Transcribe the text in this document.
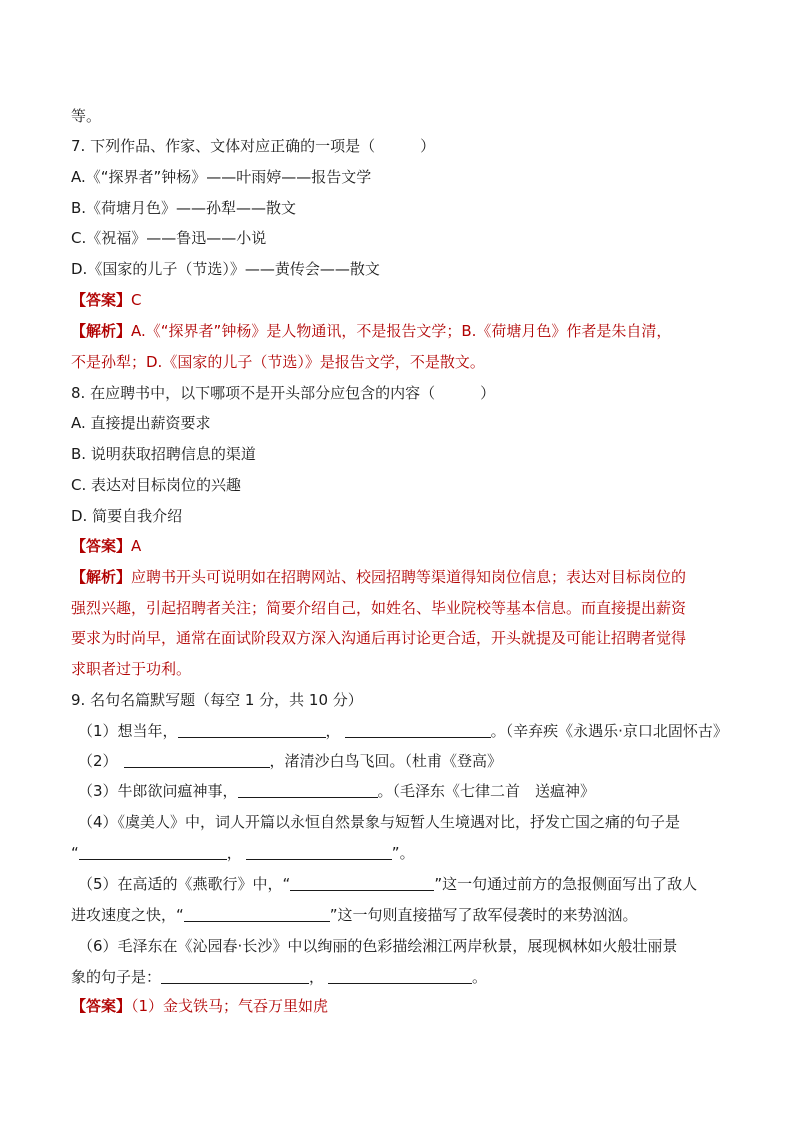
等。
7. 下列作品、作家、文体对应正确的一项是（　　　）
A.《“探界者”钟杨》——叶雨婷——报告文学
B.《荷塘月色》——孙犁——散文
C.《祝福》——鲁迅——小说
D.《国家的儿子（节选）》——黄传会——散文
【答案】C
【解析】A.《“探界者”钟杨》是人物通讯，不是报告文学；B.《荷塘月色》作者是朱自清，
不是孙犁；D.《国家的儿子（节选）》是报告文学，不是散文。
8. 在应聘书中，以下哪项不是开头部分应包含的内容（　　　）
A. 直接提出薪资要求
B. 说明获取招聘信息的渠道
C. 表达对目标岗位的兴趣
D. 简要自我介绍
【答案】A
【解析】应聘书开头可说明如在招聘网站、校园招聘等渠道得知岗位信息；表达对目标岗位的
强烈兴趣，引起招聘者关注；简要介绍自己，如姓名、毕业院校等基本信息。而直接提出薪资
要求为时尚早，通常在面试阶段双方深入沟通后再讨论更合适，开头就提及可能让招聘者觉得
求职者过于功利。
9. 名句名篇默写题（每空 1 分，共 10 分）
（1）想当年，	，	。（辛弃疾《永遇乐·京口北固怀古》
（2）	，渚清沙白鸟飞回。（杜甫《登高》
（3）牛郎欲问瘟神事，	。（毛泽东《七律二首　送瘟神》
（4）《虞美人》中，词人开篇以永恒自然景象与短暂人生境遇对比，抒发亡国之痛的句子是
“	，	”。
（5）在高适的《燕歌行》中，“	”这一句通过前方的急报侧面写出了敌人
进攻速度之快，“	”这一句则直接描写了敌军侵袭时的来势汹汹。
（6）毛泽东在《沁园春·长沙》中以绚丽的色彩描绘湘江两岸秋景，展现枫林如火般壮丽景
象的句子是：	，	。
【答案】（1）金戈铁马；气吞万里如虎
